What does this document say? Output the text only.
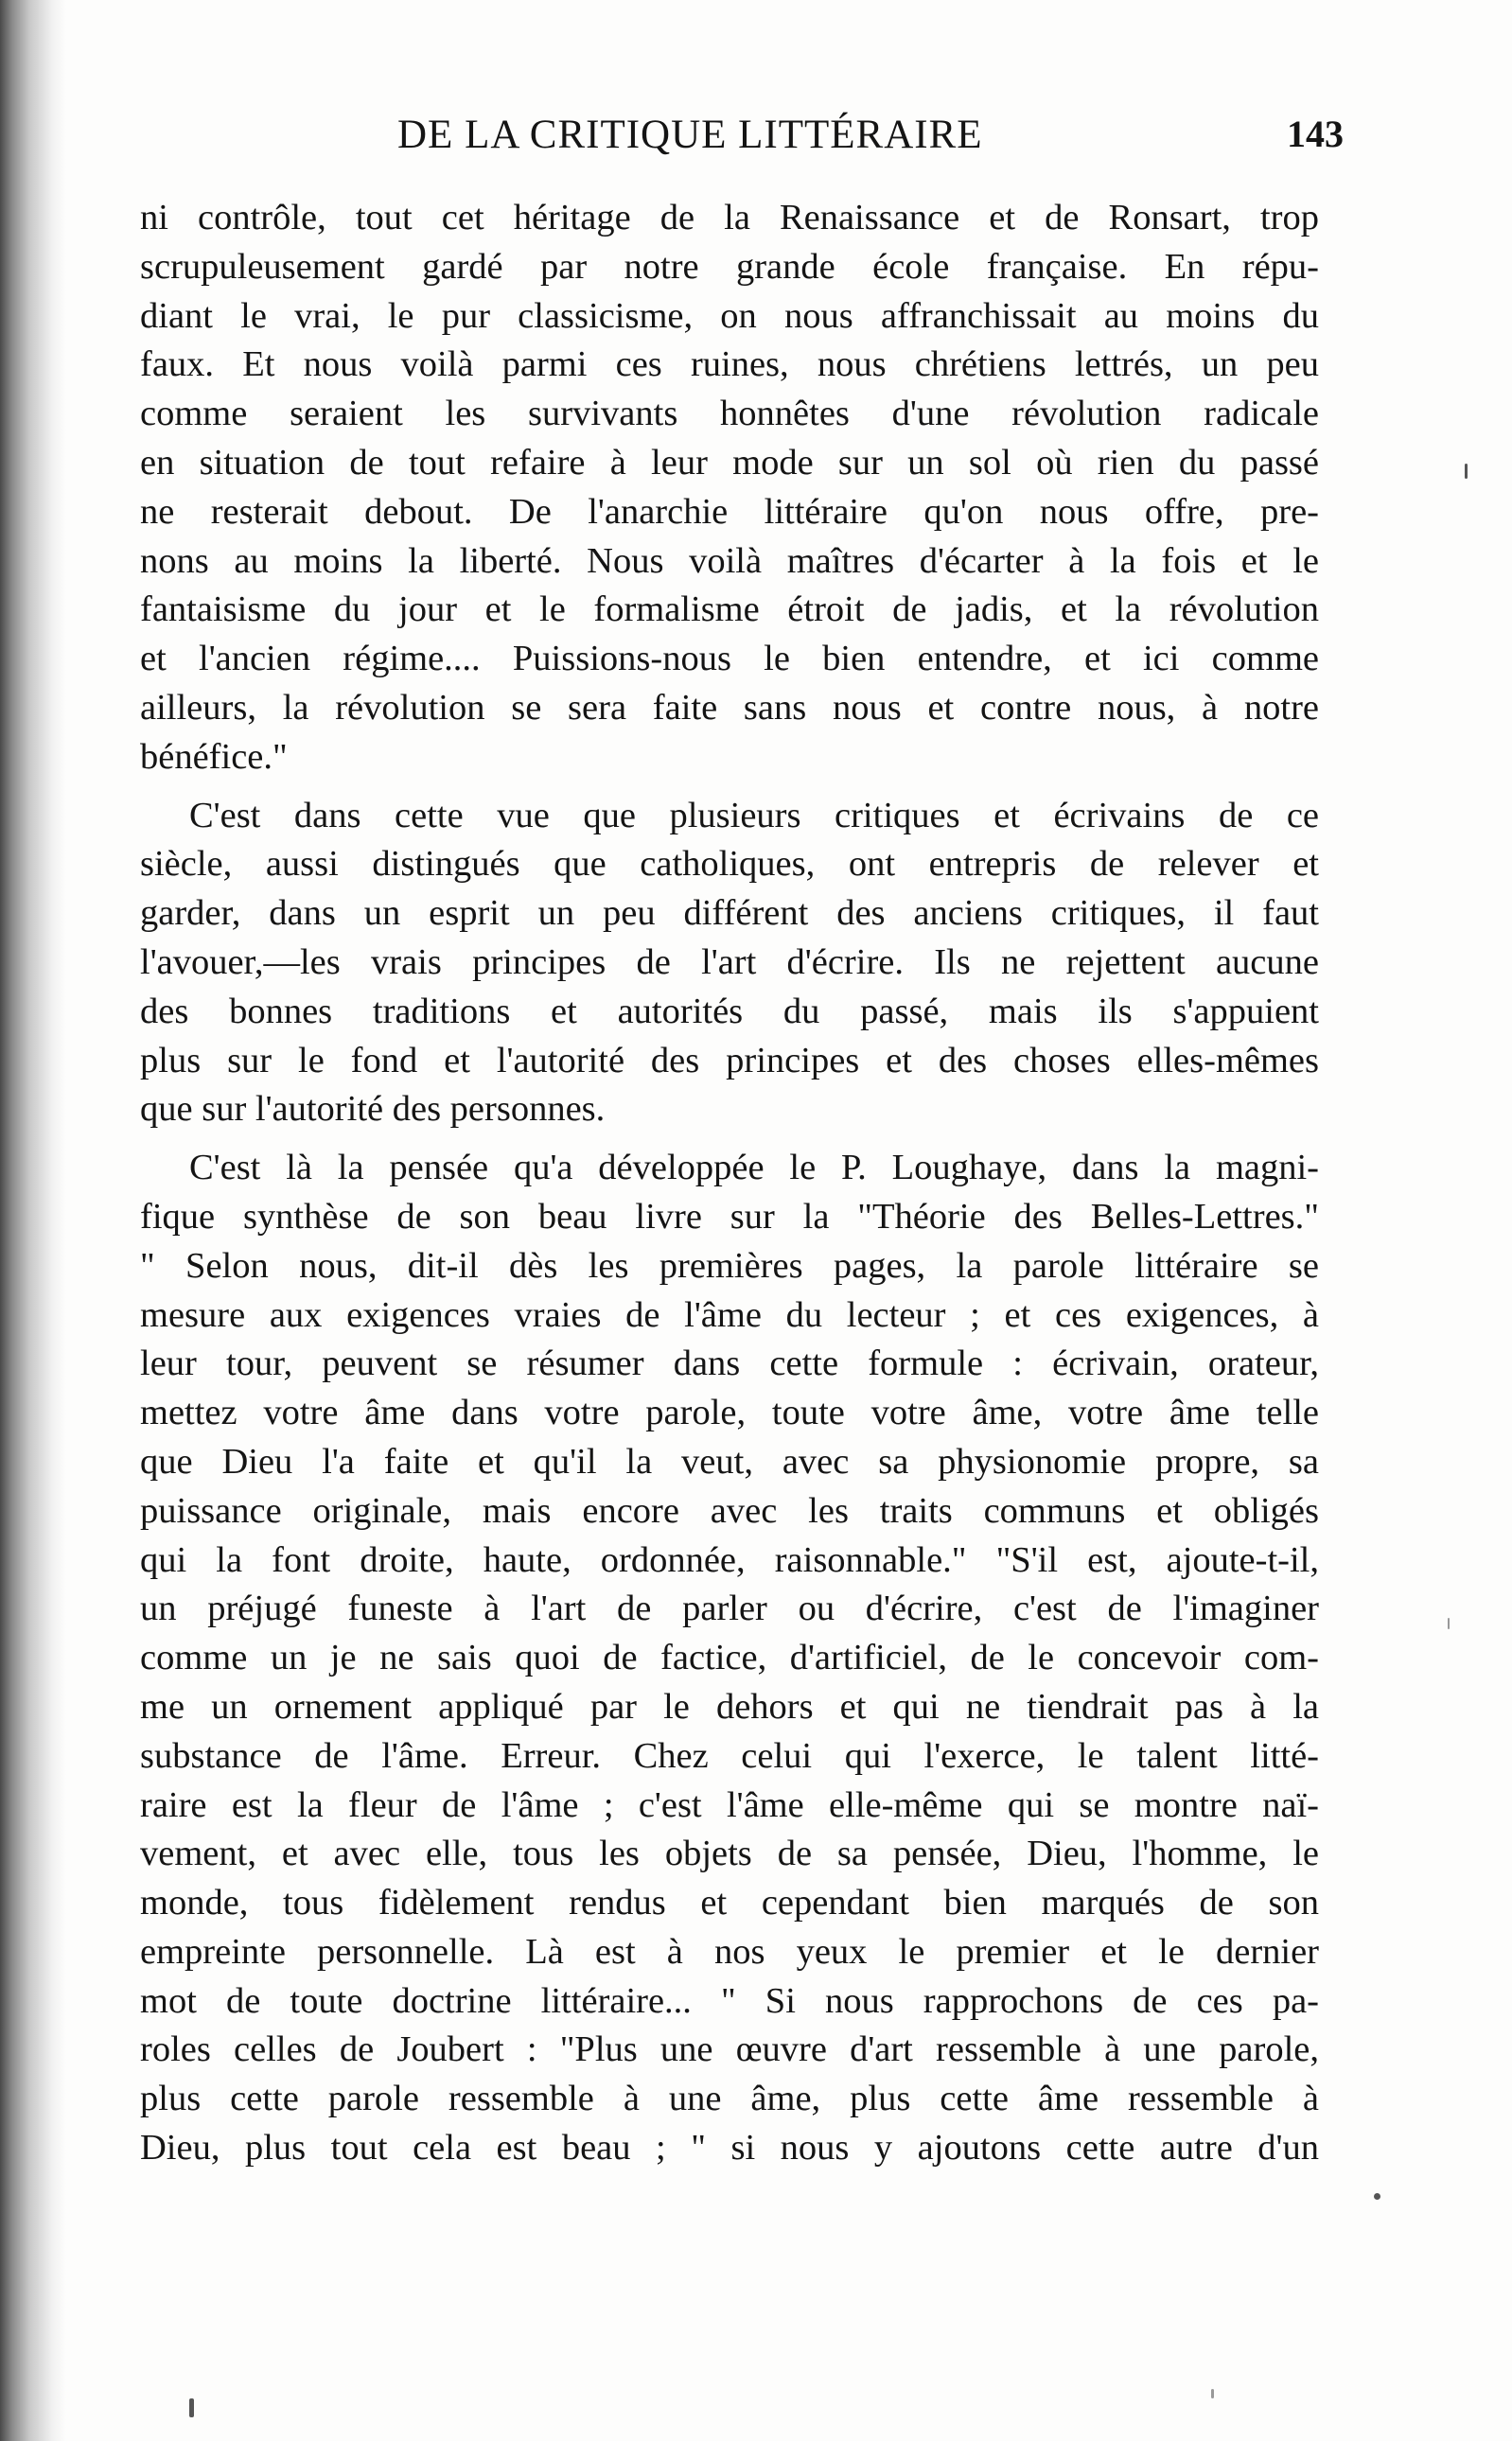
DE LA CRITIQUE LITTÉRAIRE	143
ni contrôle, tout cet héritage de la Renaissance et de Ronsart, trop
scrupuleusement gardé par notre grande école française. En répu-
diant le vrai, le pur classicisme, on nous affranchissait au moins du
faux. Et nous voilà parmi ces ruines, nous chrétiens lettrés, un peu
comme seraient les survivants honnêtes d'une révolution radicale
en situation de tout refaire à leur mode sur un sol où rien du passé
ne resterait debout. De l'anarchie littéraire qu'on nous offre, pre-
nons au moins la liberté. Nous voilà maîtres d'écarter à la fois et le
fantaisisme du jour et le formalisme étroit de jadis, et la révolution
et l'ancien régime.... Puissions-nous le bien entendre, et ici comme
ailleurs, la révolution se sera faite sans nous et contre nous, à notre
bénéfice."
C'est dans cette vue que plusieurs critiques et écrivains de ce
siècle, aussi distingués que catholiques, ont entrepris de relever et
garder, dans un esprit un peu différent des anciens critiques, il faut
l'avouer,—les vrais principes de l'art d'écrire. Ils ne rejettent aucune
des bonnes traditions et autorités du passé, mais ils s'appuient
plus sur le fond et l'autorité des principes et des choses elles-mêmes
que sur l'autorité des personnes.
C'est là la pensée qu'a développée le P. Loughaye, dans la magni-
fique synthèse de son beau livre sur la "Théorie des Belles-Lettres."
" Selon nous, dit-il dès les premières pages, la parole littéraire se
mesure aux exigences vraies de l'âme du lecteur ; et ces exigences, à
leur tour, peuvent se résumer dans cette formule : écrivain, orateur,
mettez votre âme dans votre parole, toute votre âme, votre âme telle
que Dieu l'a faite et qu'il la veut, avec sa physionomie propre, sa
puissance originale, mais encore avec les traits communs et obligés
qui la font droite, haute, ordonnée, raisonnable." "S'il est, ajoute-t-il,
un préjugé funeste à l'art de parler ou d'écrire, c'est de l'imaginer
comme un je ne sais quoi de factice, d'artificiel, de le concevoir com-
me un ornement appliqué par le dehors et qui ne tiendrait pas à la
substance de l'âme. Erreur. Chez celui qui l'exerce, le talent litté-
raire est la fleur de l'âme ; c'est l'âme elle-même qui se montre naï-
vement, et avec elle, tous les objets de sa pensée, Dieu, l'homme, le
monde, tous fidèlement rendus et cependant bien marqués de son
empreinte personnelle. Là est à nos yeux le premier et le dernier
mot de toute doctrine littéraire... " Si nous rapprochons de ces pa-
roles celles de Joubert : "Plus une œuvre d'art ressemble à une parole,
plus cette parole ressemble à une âme, plus cette âme ressemble à
Dieu, plus tout cela est beau ; " si nous y ajoutons cette autre d'un
